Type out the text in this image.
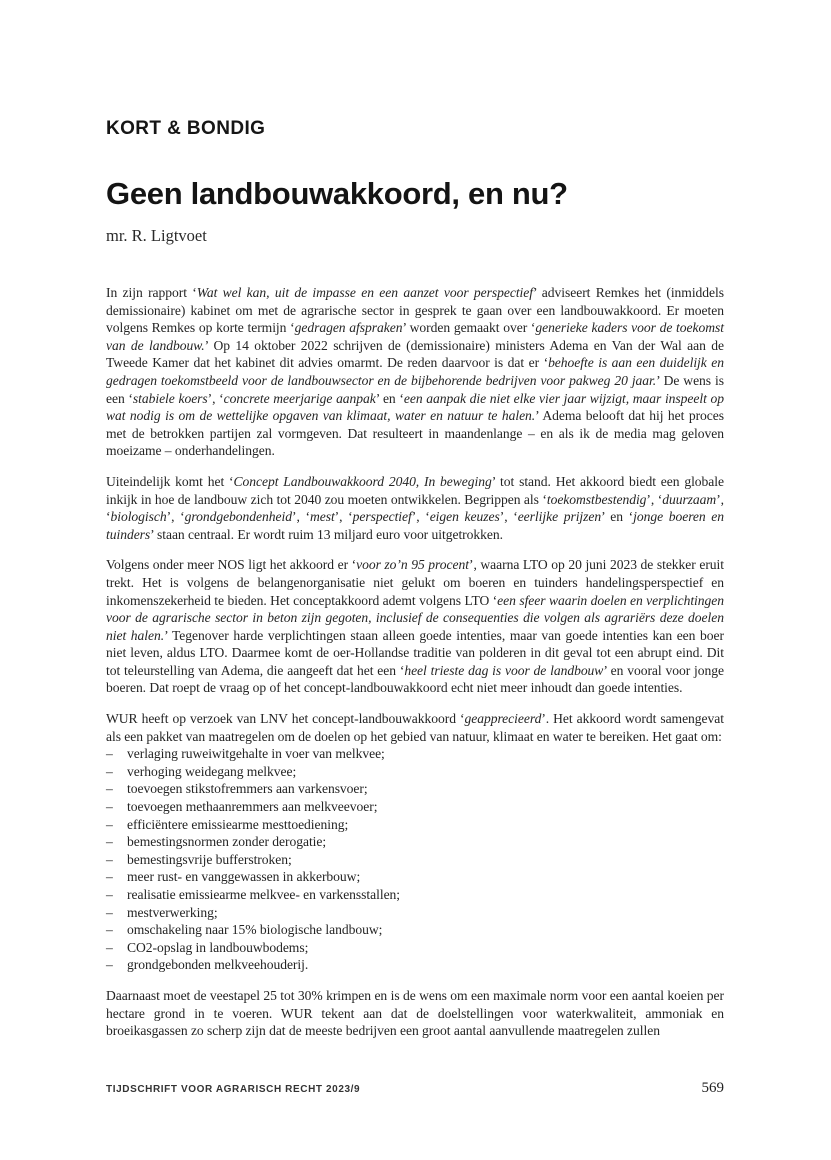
KORT & BONDIG
Geen landbouwakkoord, en nu?
mr. R. Ligtvoet

In zijn rapport ‘Wat wel kan, uit de impasse en een aanzet voor perspectief’ adviseert Remkes het (inmiddels demissionaire) kabinet om met de agrarische sector in gesprek te gaan over een landbouwakkoord. Er moeten volgens Remkes op korte termijn ‘gedragen afspraken’ worden gemaakt over ‘generieke kaders voor de toekomst van de landbouw.’ Op 14 oktober 2022 schrijven de (demissionaire) ministers Adema en Van der Wal aan de Tweede Kamer dat het kabinet dit advies omarmt. De reden daarvoor is dat er ‘behoefte is aan een duidelijk en gedragen toekomstbeeld voor de landbouwsector en de bijbehorende bedrijven voor pakweg 20 jaar.’ De wens is een ‘stabiele koers’, ‘concrete meerjarige aanpak’ en ‘een aanpak die niet elke vier jaar wijzigt, maar inspeelt op wat nodig is om de wettelijke opgaven van klimaat, water en natuur te halen.’ Adema belooft dat hij het proces met de betrokken partijen zal vormgeven. Dat resulteert in maandenlange – en als ik de media mag geloven moeizame – onderhandelingen.

Uiteindelijk komt het ‘Concept Landbouwakkoord 2040, In beweging’ tot stand. Het akkoord biedt een globale inkijk in hoe de landbouw zich tot 2040 zou moeten ontwikkelen. Begrippen als ‘toekomstbestendig’, ‘duurzaam’, ‘biologisch’, ‘grondgebondenheid’, ‘mest’, ‘perspectief’, ‘eigen keuzes’, ‘eerlijke prijzen’ en ‘jonge boeren en tuinders’ staan centraal. Er wordt ruim 13 miljard euro voor uitgetrokken.

Volgens onder meer NOS ligt het akkoord er ‘voor zo’n 95 procent’, waarna LTO op 20 juni 2023 de stekker eruit trekt. Het is volgens de belangenorganisatie niet gelukt om boeren en tuinders handelingsperspectief en inkomenszekerheid te bieden. Het conceptakkoord ademt volgens LTO ‘een sfeer waarin doelen en verplichtingen voor de agrarische sector in beton zijn gegoten, inclusief de consequenties die volgen als agrariërs deze doelen niet halen.’ Tegenover harde verplichtingen staan alleen goede intenties, maar van goede intenties kan een boer niet leven, aldus LTO. Daarmee komt de oer-Hollandse traditie van polderen in dit geval tot een abrupt eind. Dit tot teleurstelling van Adema, die aangeeft dat het een ‘heel trieste dag is voor de landbouw’ en vooral voor jonge boeren. Dat roept de vraag op of het concept-landbouwakkoord echt niet meer inhoudt dan goede intenties.

WUR heeft op verzoek van LNV het concept-landbouwakkoord ‘geapprecieerd’. Het akkoord wordt samengevat als een pakket van maatregelen om de doelen op het gebied van natuur, klimaat en water te bereiken. Het gaat om:

–	verlaging ruweiwitgehalte in voer van melkvee;
–	verhoging weidegang melkvee;
–	toevoegen stikstofremmers aan varkensvoer;
–	toevoegen methaanremmers aan melkveevoer;
–	efficiëntere emissiearme mesttoediening;
–	bemestingsnormen zonder derogatie;
–	bemestingsvrije bufferstroken;
–	meer rust- en vanggewassen in akkerbouw;
–	realisatie emissiearme melkvee- en varkensstallen;
–	mestverwerking;
–	omschakeling naar 15% biologische landbouw;
–	CO2-opslag in landbouwbodems;
–	grondgebonden melkveehouderij.

Daarnaast moet de veestapel 25 tot 30% krimpen en is de wens om een maximale norm voor een aantal koeien per hectare grond in te voeren. WUR tekent aan dat de doelstellingen voor waterkwaliteit, ammoniak en broeikasgassen zo scherp zijn dat de meeste bedrijven een groot aantal aanvullende maatregelen zullen

TIJDSCHRIFT VOOR AGRARISCH RECHT 2023/9	569
